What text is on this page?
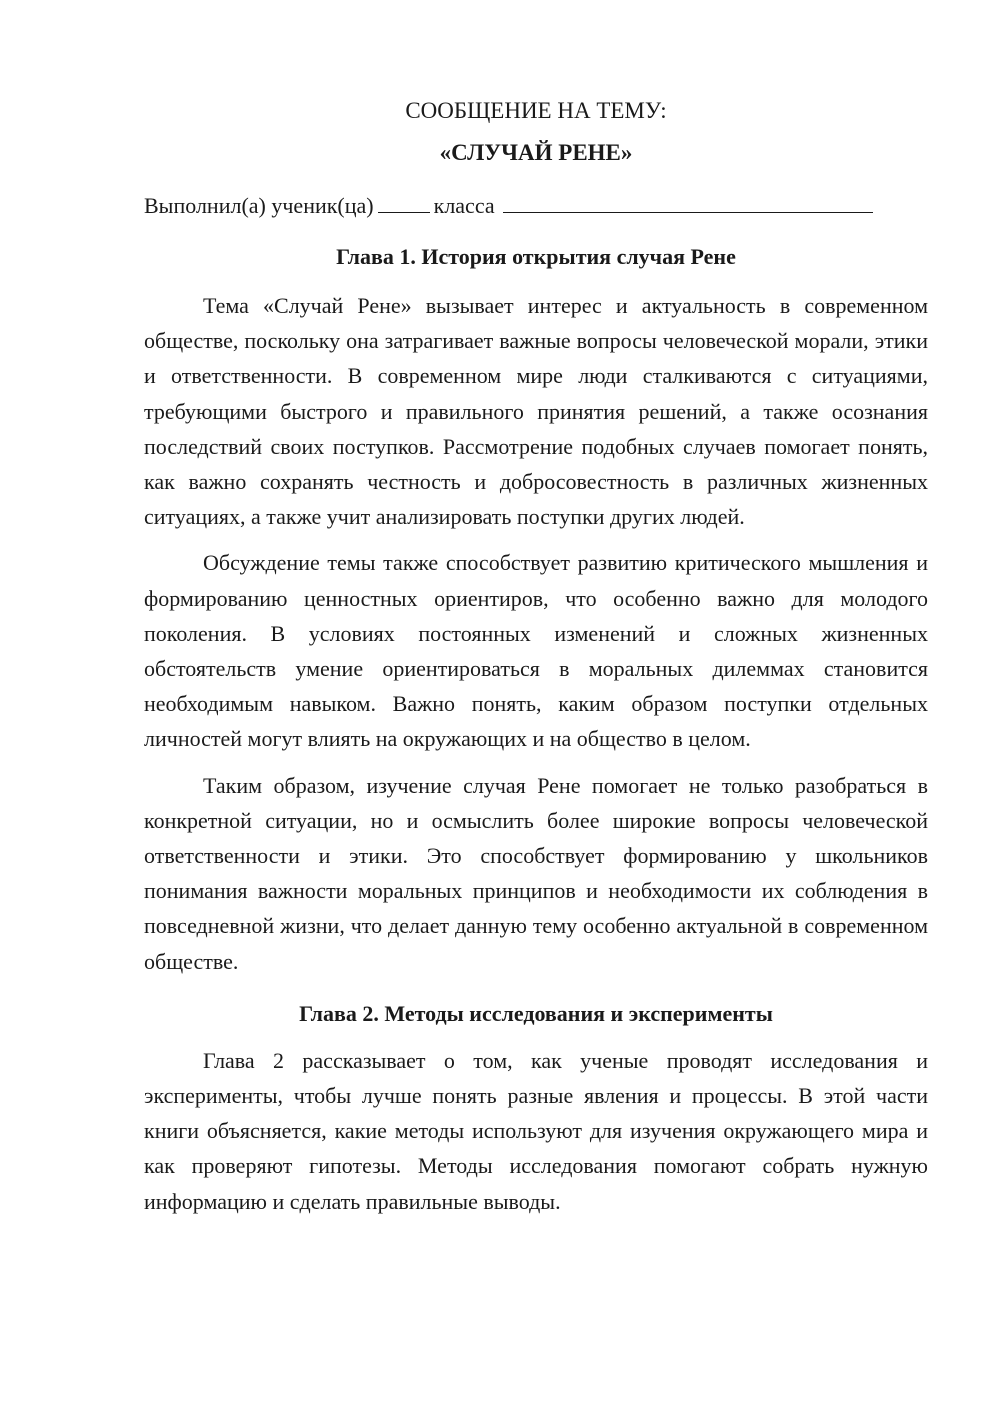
СООБЩЕНИЕ НА ТЕМУ:

«СЛУЧАЙ РЕНЕ»

Выполнил(а) ученик(ца)	класса

Глава 1. История открытия случая Рене

Тема «Случай Рене» вызывает интерес и актуальность в современном обществе, поскольку она затрагивает важные вопросы человеческой морали, этики и ответственности. В современном мире люди сталкиваются с ситуациями, требующими быстрого и правильного принятия решений, а также осознания последствий своих поступков. Рассмотрение подобных случаев помогает понять, как важно сохранять честность и добросовестность в различных жизненных ситуациях, а также учит анализировать поступки других людей.

Обсуждение темы также способствует развитию критического мышления и формированию ценностных ориентиров, что особенно важно для молодого поколения. В условиях постоянных изменений и сложных жизненных обстоятельств умение ориентироваться в моральных дилеммах становится необходимым навыком. Важно понять, каким образом поступки отдельных личностей могут влиять на окружающих и на общество в целом.

Таким образом, изучение случая Рене помогает не только разобраться в конкретной ситуации, но и осмыслить более широкие вопросы человеческой ответственности и этики. Это способствует формированию у школьников понимания важности моральных принципов и необходимости их соблюдения в повседневной жизни, что делает данную тему особенно актуальной в современном обществе.

Глава 2. Методы исследования и эксперименты

Глава 2 рассказывает о том, как ученые проводят исследования и эксперименты, чтобы лучше понять разные явления и процессы. В этой части книги объясняется, какие методы используют для изучения окружающего мира и как проверяют гипотезы. Методы исследования помогают собрать нужную информацию и сделать правильные выводы.
